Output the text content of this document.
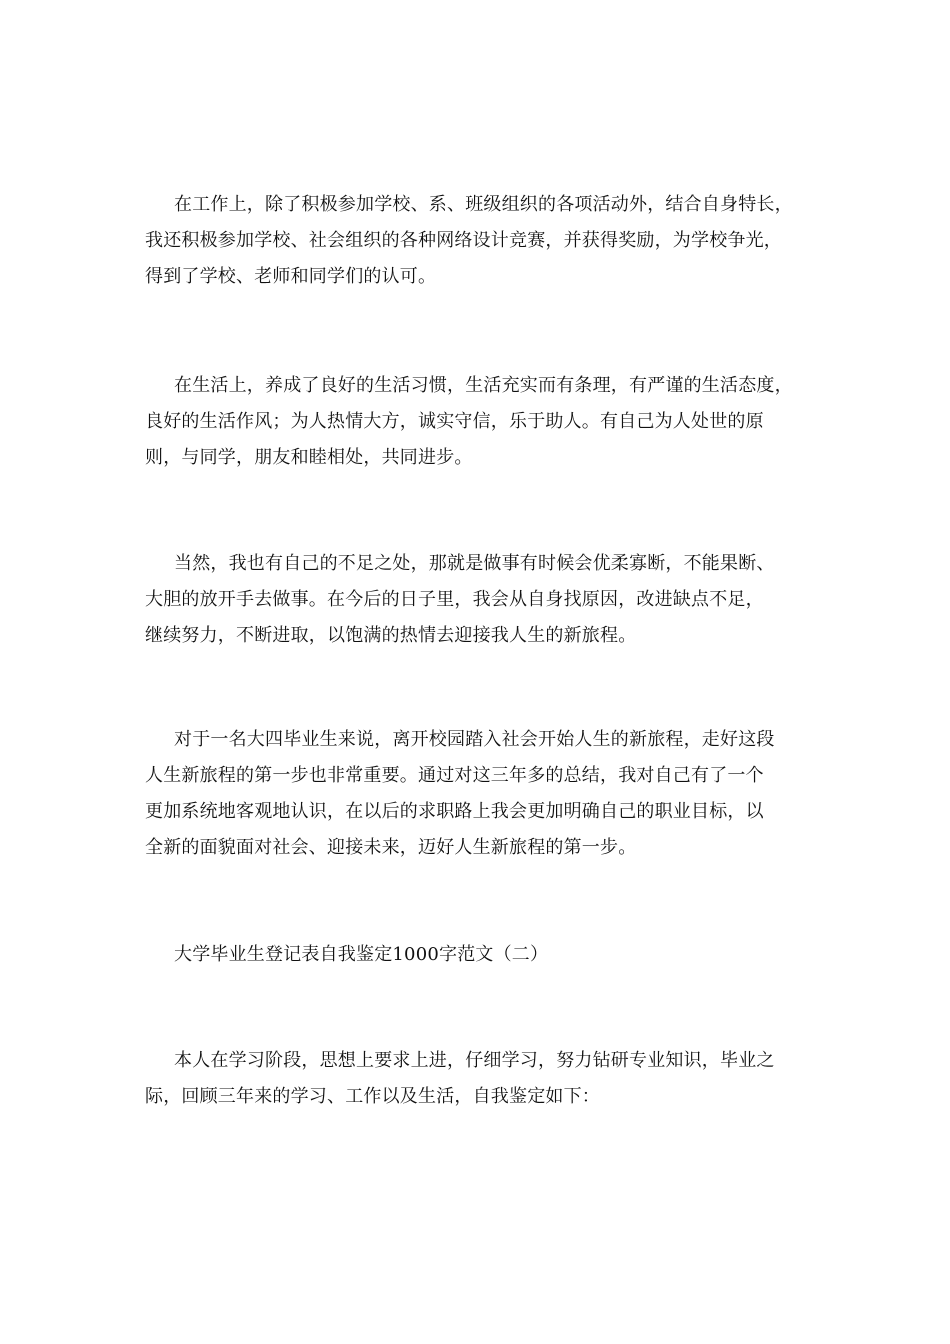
在工作上，除了积极参加学校、系、班级组织的各项活动外，结合自身特长，
我还积极参加学校、社会组织的各种网络设计竞赛，并获得奖励，为学校争光，
得到了学校、老师和同学们的认可。

在生活上，养成了良好的生活习惯，生活充实而有条理，有严谨的生活态度，
良好的生活作风；为人热情大方，诚实守信，乐于助人。有自己为人处世的原
则，与同学，朋友和睦相处，共同进步。

当然，我也有自己的不足之处，那就是做事有时候会优柔寡断，不能果断、
大胆的放开手去做事。在今后的日子里，我会从自身找原因，改进缺点不足，
继续努力，不断进取，以饱满的热情去迎接我人生的新旅程。

对于一名大四毕业生来说，离开校园踏入社会开始人生的新旅程，走好这段
人生新旅程的第一步也非常重要。通过对这三年多的总结，我对自己有了一个
更加系统地客观地认识，在以后的求职路上我会更加明确自己的职业目标，以
全新的面貌面对社会、迎接未来，迈好人生新旅程的第一步。

大学毕业生登记表自我鉴定1000字范文（二）

本人在学习阶段，思想上要求上进，仔细学习，努力钻研专业知识，毕业之
际，回顾三年来的学习、工作以及生活，自我鉴定如下：
